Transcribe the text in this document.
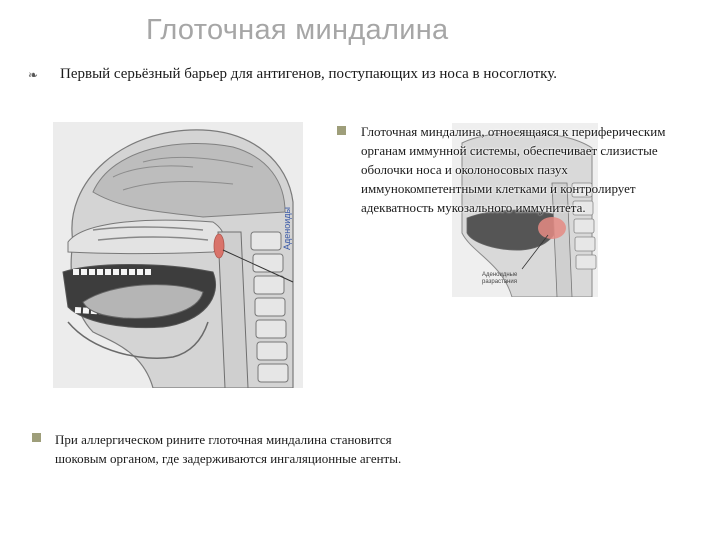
Глоточная миндалина
❧	Первый серьёзный барьер для антигенов, поступающих из носа в носоглотку.
Аденоиды
Аденоидные разрастания
Глоточная миндалина, относящаяся к периферическим органам иммунной системы, обеспечивает слизистые оболочки носа и околоносовых пазух иммунокомпетентными клетками и контролирует адекватность мукозального иммунитета.
При аллергическом рините глоточная миндалина становится шоковым органом, где задерживаются ингаляционные агенты.
